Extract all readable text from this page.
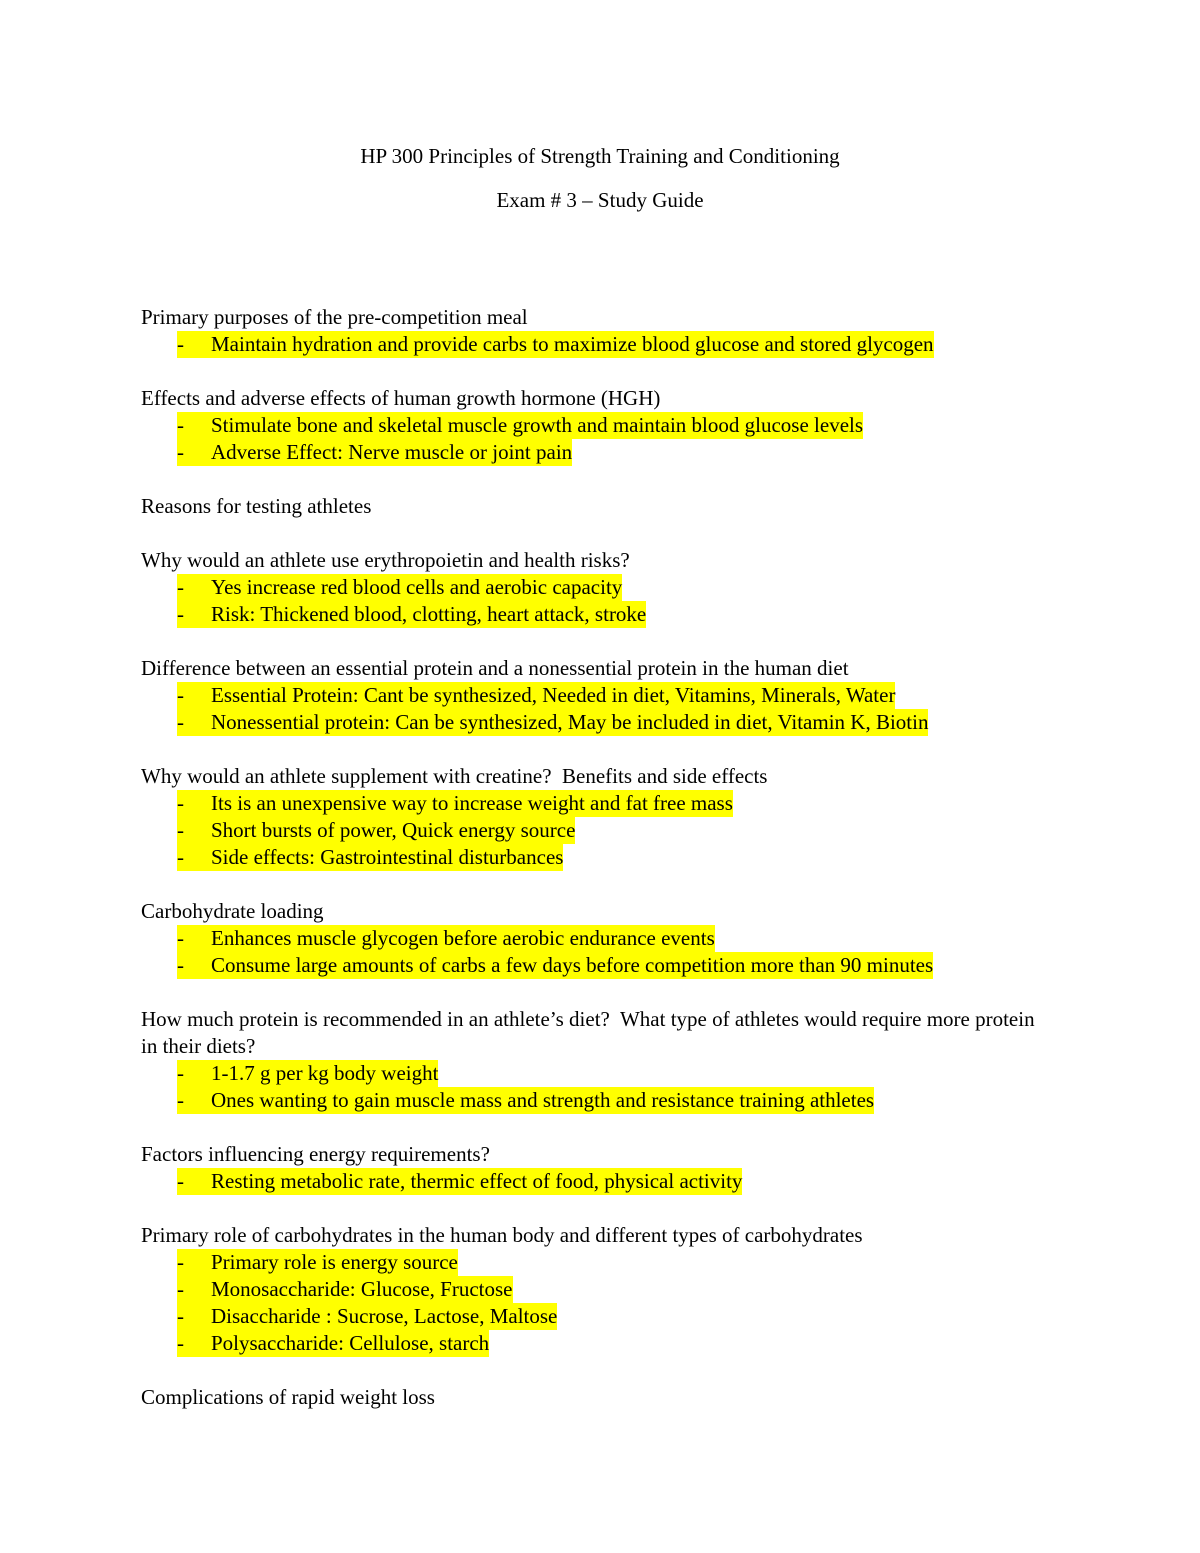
HP 300 Principles of Strength Training and Conditioning
Exam # 3 – Study Guide

Primary purposes of the pre-competition meal

- Maintain hydration and provide carbs to maximize blood glucose and stored glycogen

Effects and adverse effects of human growth hormone (HGH)

- Stimulate bone and skeletal muscle growth and maintain blood glucose levels
- Adverse Effect: Nerve muscle or joint pain

Reasons for testing athletes

Why would an athlete use erythropoietin and health risks?

- Yes increase red blood cells and aerobic capacity
- Risk: Thickened blood, clotting, heart attack, stroke

Difference between an essential protein and a nonessential protein in the human diet

- Essential Protein: Cant be synthesized, Needed in diet, Vitamins, Minerals, Water
- Nonessential protein: Can be synthesized, May be included in diet, Vitamin K, Biotin

Why would an athlete supplement with creatine?  Benefits and side effects

- Its is an unexpensive way to increase weight and fat free mass
- Short bursts of power, Quick energy source
- Side effects: Gastrointestinal disturbances

Carbohydrate loading

- Enhances muscle glycogen before aerobic endurance events
- Consume large amounts of carbs a few days before competition more than 90 minutes

How much protein is recommended in an athlete’s diet?  What type of athletes would require more protein in their diets?

- 1-1.7 g per kg body weight
- Ones wanting to gain muscle mass and strength and resistance training athletes

Factors influencing energy requirements?

- Resting metabolic rate, thermic effect of food, physical activity

Primary role of carbohydrates in the human body and different types of carbohydrates

- Primary role is energy source
- Monosaccharide: Glucose, Fructose
- Disaccharide : Sucrose, Lactose, Maltose
- Polysaccharide: Cellulose, starch

Complications of rapid weight loss
